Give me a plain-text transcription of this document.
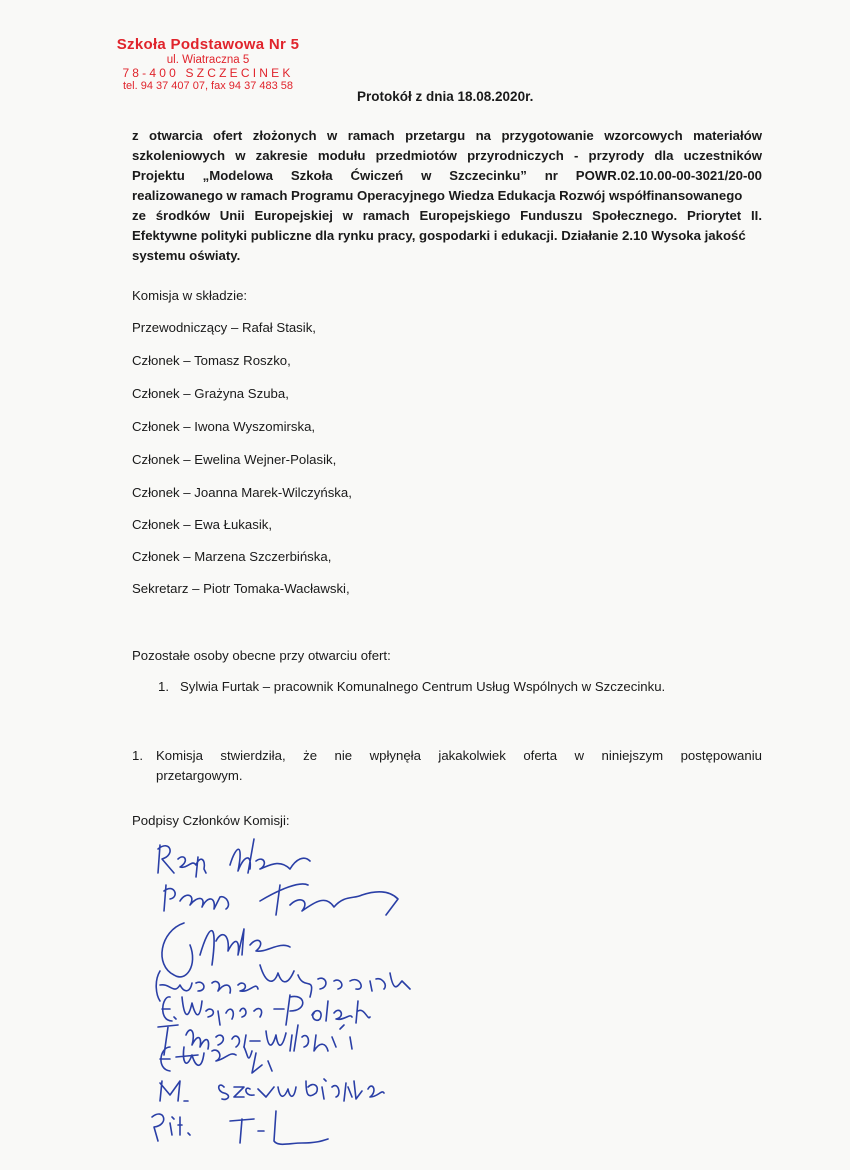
Szkoła Podstawowa Nr 5
ul. Wiatraczna 5
78-400 SZCZECINEK
tel. 94 37 407 07, fax 94 37 483 58
Protokół z dnia 18.08.2020r.
z otwarcia ofert złożonych w ramach przetargu na przygotowanie wzorcowych materiałów
szkoleniowych w zakresie modułu przedmiotów przyrodniczych - przyrody dla uczestników
Projektu „Modelowa Szkoła Ćwiczeń w Szczecinku” nr POWR.02.10.00-00-3021/20-00
realizowanego w ramach Programu Operacyjnego Wiedza Edukacja Rozwój współfinansowanego
ze środków Unii Europejskiej w ramach Europejskiego Funduszu Społecznego. Priorytet II.
Efektywne polityki publiczne dla rynku pracy, gospodarki i edukacji. Działanie 2.10 Wysoka jakość
systemu oświaty.
Komisja w składzie:
Przewodniczący – Rafał Stasik,
Członek – Tomasz Roszko,
Członek – Grażyna Szuba,
Członek – Iwona Wyszomirska,
Członek – Ewelina Wejner-Polasik,
Członek – Joanna Marek-Wilczyńska,
Członek – Ewa Łukasik,
Członek – Marzena Szczerbińska,
Sekretarz – Piotr Tomaka-Wacławski,
Pozostałe osoby obecne przy otwarciu ofert:
1. Sylwia Furtak – pracownik Komunalnego Centrum Usług Wspólnych w Szczecinku.
1. Komisja stwierdziła, że nie wpłynęła jakakolwiek oferta w niniejszym postępowaniu
przetargowym.
Podpisy Członków Komisji:
